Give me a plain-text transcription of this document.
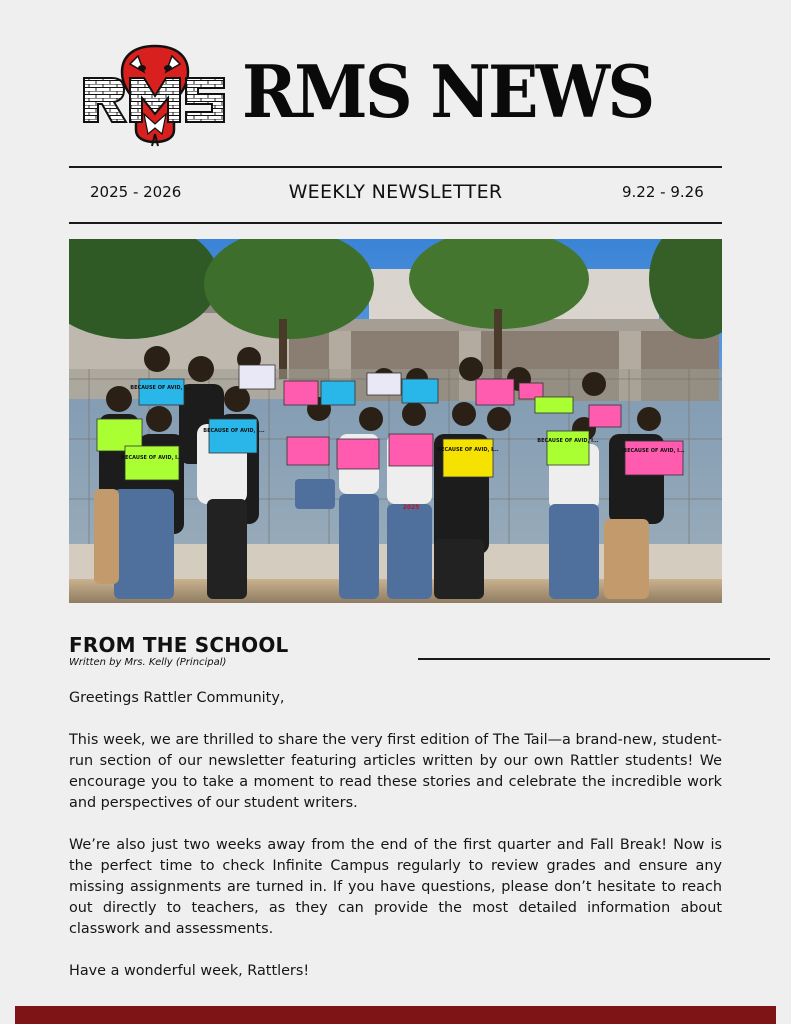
RMS NEWS
2025 - 2026	WEEKLY NEWSLETTER	9.22 - 9.26
BECAUSE OF AVID, I...
BECAUSE OF AVID, I...
BECAUSE OF AVID, I...
BECAUSE OF AVID, I...
BECAUSE OF AVID, I...
BECAUSE OF AVID, I...
2025
FROM THE SCHOOL
Written by Mrs. Kelly (Principal)

Greetings Rattler Community,

This week, we are thrilled to share the very first edition of The Tail—a brand-new, student-run section of our newsletter featuring articles written by our own Rattler students! We encourage you to take a moment to read these stories and celebrate the incredible work and perspectives of our student writers.

We’re also just two weeks away from the end of the first quarter and Fall Break! Now is the perfect time to check Infinite Campus regularly to review grades and ensure any missing assignments are turned in. If you have questions, please don’t hesitate to reach out directly to teachers, as they can provide the most detailed information about classwork and assessments.

Have a wonderful week, Rattlers!
